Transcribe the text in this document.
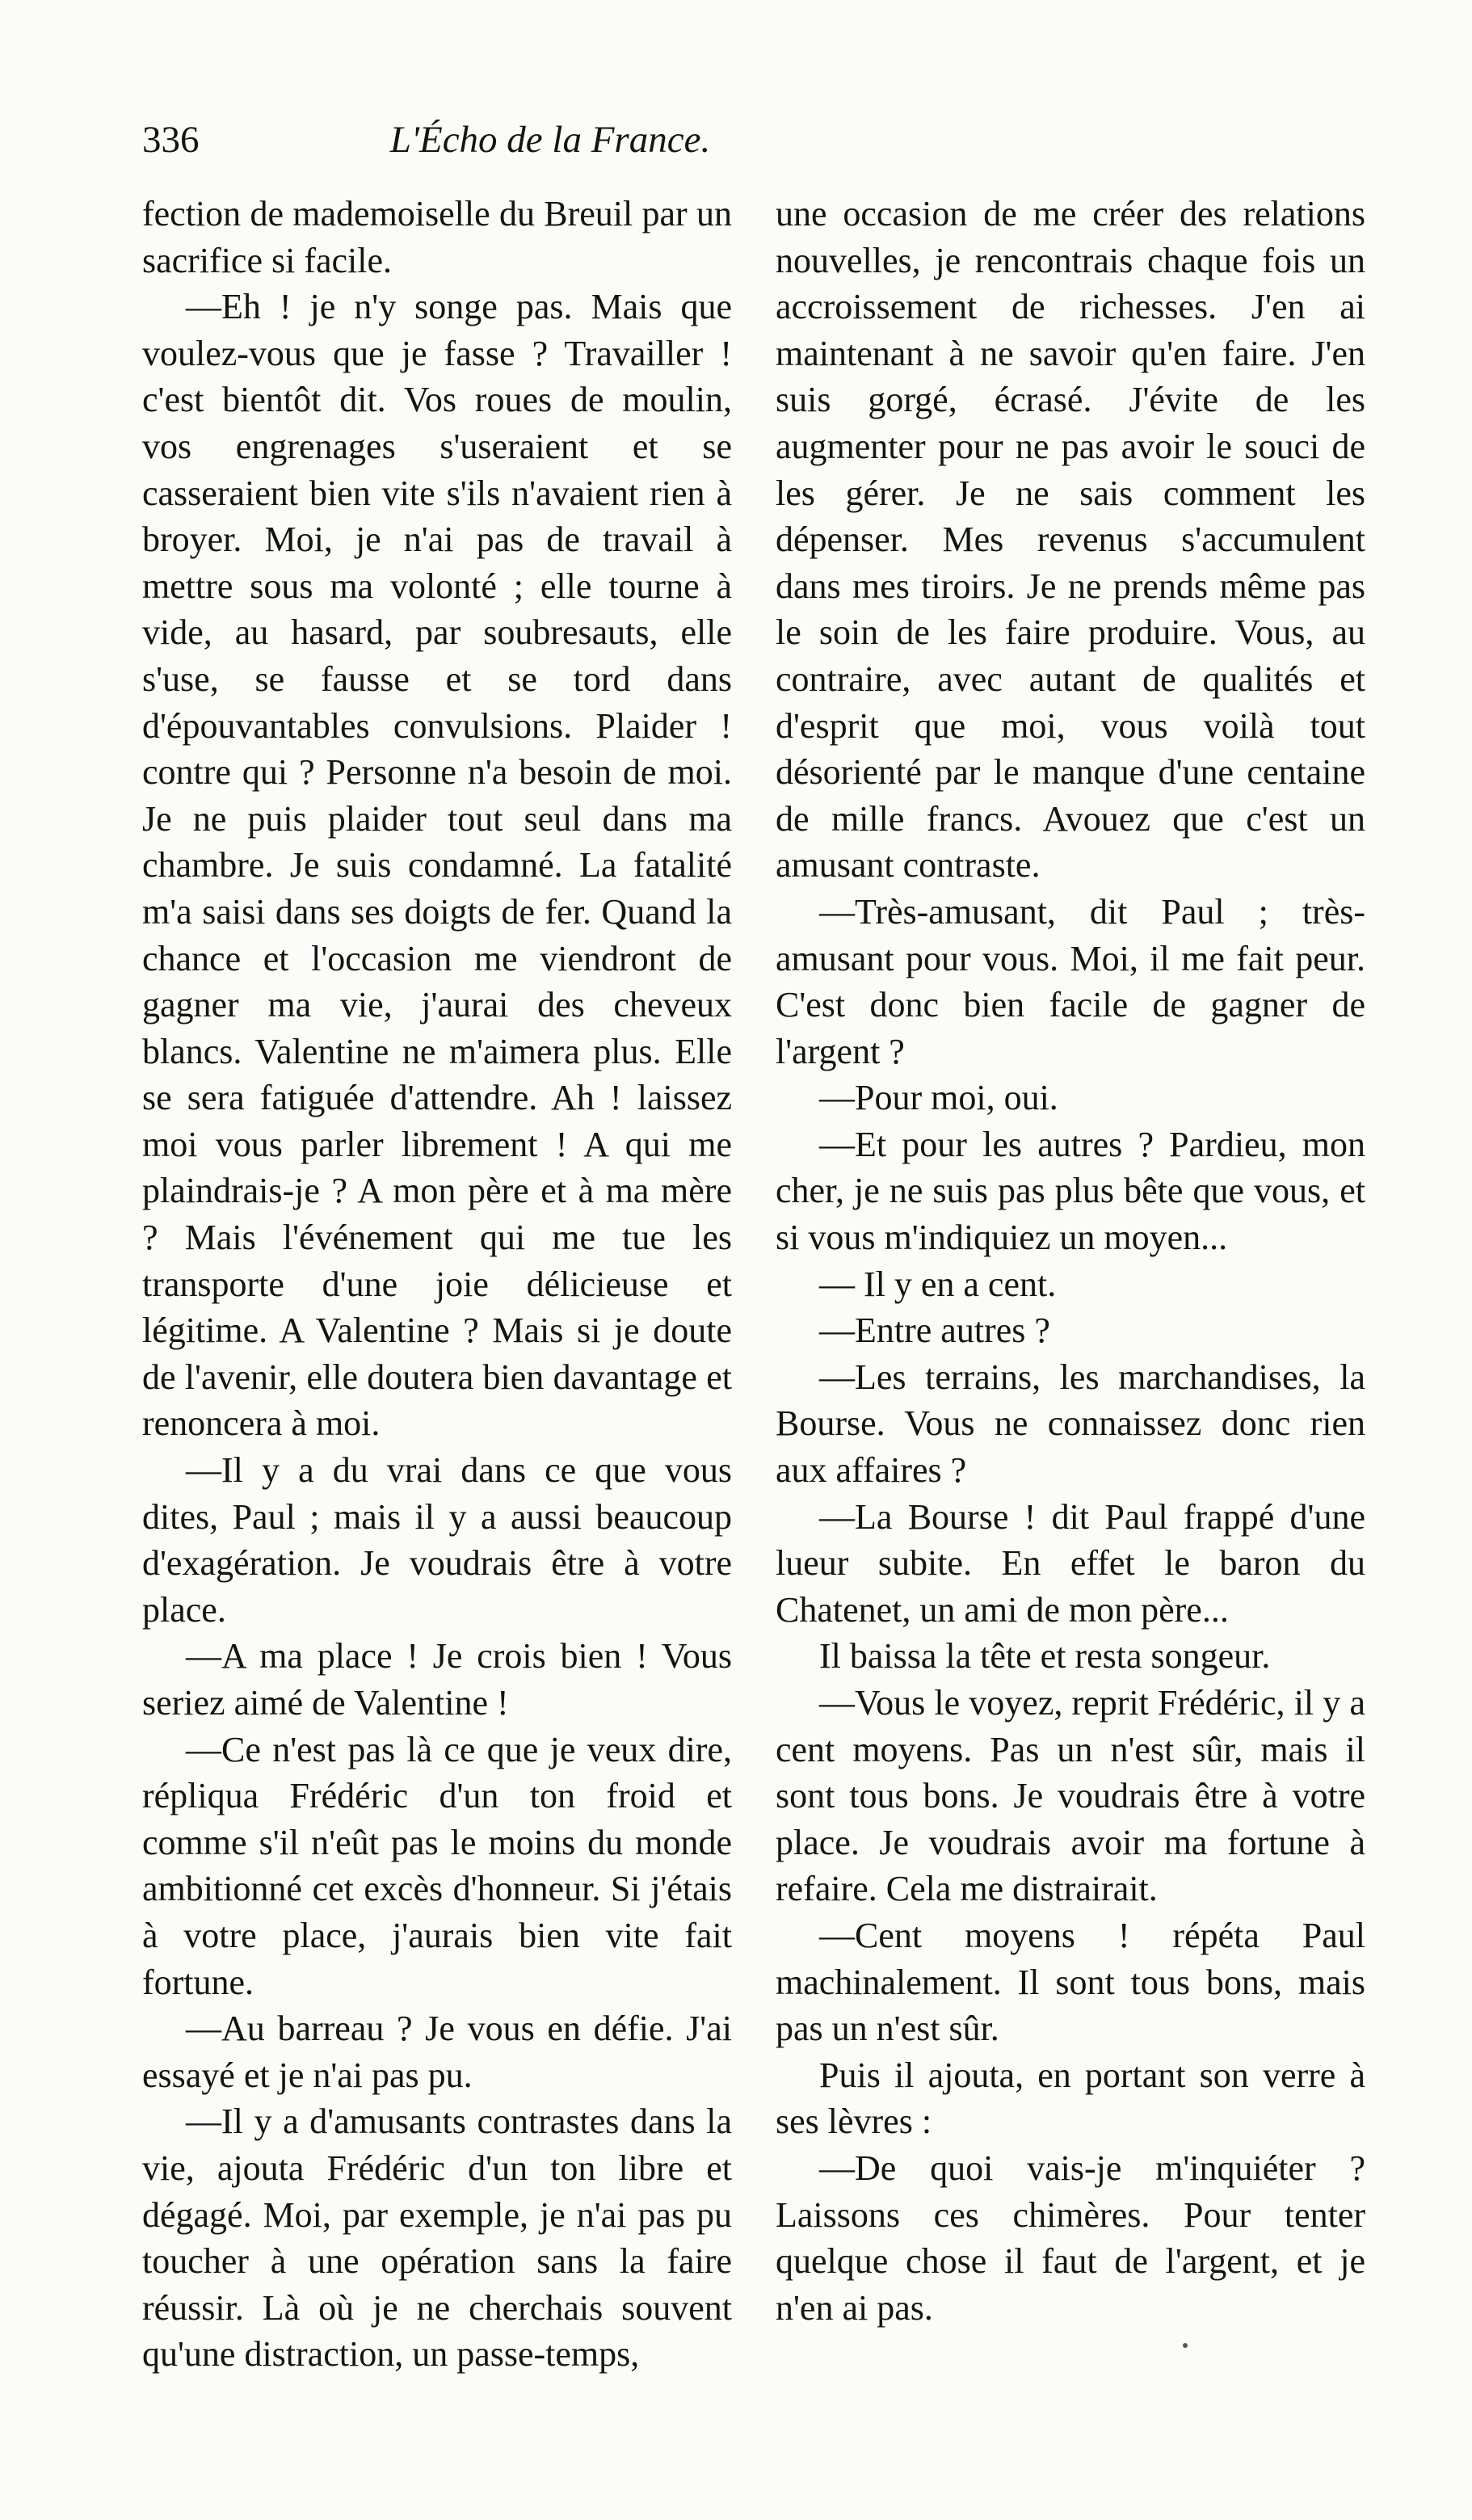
336	L'Écho de la France.

fection de mademoiselle du Breuil par un sacrifice si facile.

—Eh ! je n'y songe pas. Mais que voulez-vous que je fasse ? Travailler ! c'est bientôt dit. Vos roues de moulin, vos engrenages s'useraient et se casseraient bien vite s'ils n'avaient rien à broyer. Moi, je n'ai pas de travail à mettre sous ma volonté ; elle tourne à vide, au hasard, par soubresauts, elle s'use, se fausse et se tord dans d'épouvantables convulsions. Plaider ! contre qui ? Personne n'a besoin de moi. Je ne puis plaider tout seul dans ma chambre. Je suis condamné. La fatalité m'a saisi dans ses doigts de fer. Quand la chance et l'occasion me viendront de gagner ma vie, j'aurai des cheveux blancs. Valentine ne m'aimera plus. Elle se sera fatiguée d'attendre. Ah ! laissez moi vous parler librement ! A qui me plaindrais-je ? A mon père et à ma mère ? Mais l'événement qui me tue les transporte d'une joie délicieuse et légitime. A Valentine ? Mais si je doute de l'avenir, elle doutera bien davantage et renoncera à moi.

—Il y a du vrai dans ce que vous dites, Paul ; mais il y a aussi beaucoup d'exagération. Je voudrais être à votre place.

—A ma place ! Je crois bien ! Vous seriez aimé de Valentine !

—Ce n'est pas là ce que je veux dire, répliqua Frédéric d'un ton froid et comme s'il n'eût pas le moins du monde ambitionné cet excès d'honneur. Si j'étais à votre place, j'aurais bien vite fait fortune.

—Au barreau ? Je vous en défie. J'ai essayé et je n'ai pas pu.

—Il y a d'amusants contrastes dans la vie, ajouta Frédéric d'un ton libre et dégagé. Moi, par exemple, je n'ai pas pu toucher à une opération sans la faire réussir. Là où je ne cherchais souvent qu'une distraction, un passe-temps,

une occasion de me créer des relations nouvelles, je rencontrais chaque fois un accroissement de richesses. J'en ai maintenant à ne savoir qu'en faire. J'en suis gorgé, écrasé. J'évite de les augmenter pour ne pas avoir le souci de les gérer. Je ne sais comment les dépenser. Mes revenus s'accumulent dans mes tiroirs. Je ne prends même pas le soin de les faire produire. Vous, au contraire, avec autant de qualités et d'esprit que moi, vous voilà tout désorienté par le manque d'une centaine de mille francs. Avouez que c'est un amusant contraste.

—Très-amusant, dit Paul ; très-amusant pour vous. Moi, il me fait peur. C'est donc bien facile de gagner de l'argent ?

—Pour moi, oui.

—Et pour les autres ? Pardieu, mon cher, je ne suis pas plus bête que vous, et si vous m'indiquiez un moyen...

— Il y en a cent.

—Entre autres ?

—Les terrains, les marchandises, la Bourse. Vous ne connaissez donc rien aux affaires ?

—La Bourse ! dit Paul frappé d'une lueur subite. En effet le baron du Chatenet, un ami de mon père...

Il baissa la tête et resta songeur.

—Vous le voyez, reprit Frédéric, il y a cent moyens. Pas un n'est sûr, mais il sont tous bons. Je voudrais être à votre place. Je voudrais avoir ma fortune à refaire. Cela me distrairait.

—Cent moyens ! répéta Paul machinalement. Il sont tous bons, mais pas un n'est sûr.

Puis il ajouta, en portant son verre à ses lèvres :

—De quoi vais-je m'inquiéter ? Laissons ces chimères. Pour tenter quelque chose il faut de l'argent, et je n'en ai pas.
